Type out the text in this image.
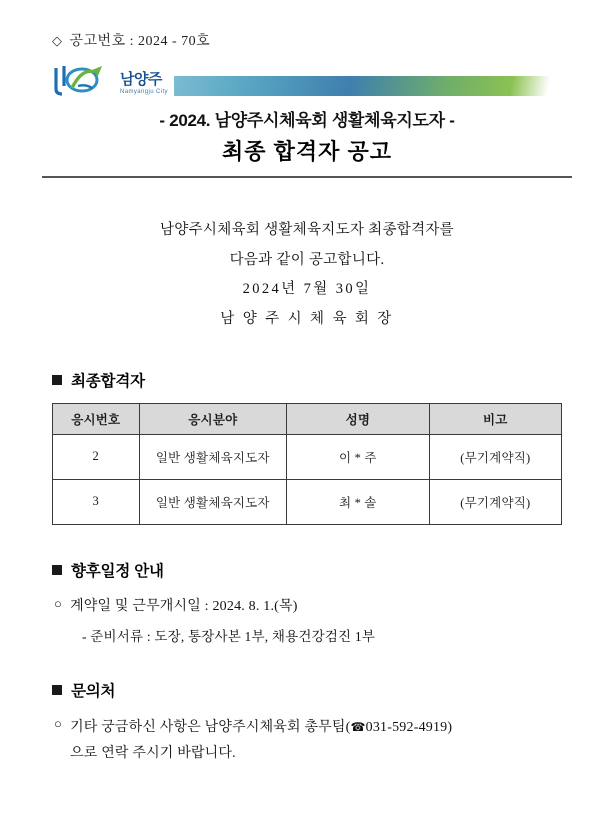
◇ 공고번호 : 2024 - 70호
남양주
Namyangju City
- 2024. 남양주시체육회 생활체육지도자 -
최종 합격자 공고
남양주시체육회 생활체육지도자 최종합격자를
다음과 같이 공고합니다.
2024년 7월 30일
남 양 주 시 체 육 회 장
최종합격자
응시번호	응시분야	성명	비고
2	일반 생활체육지도자	이 * 주	(무기계약직)
3	일반 생활체육지도자	최 * 솔	(무기계약직)
향후일정 안내
○ 계약일 및 근무개시일 : 2024. 8. 1.(목)
- 준비서류 : 도장, 통장사본 1부, 채용건강검진 1부
문의처
○ 기타 궁금하신 사항은 남양주시체육회 총무팀(☎031-592-4919)
으로 연락 주시기 바랍니다.
